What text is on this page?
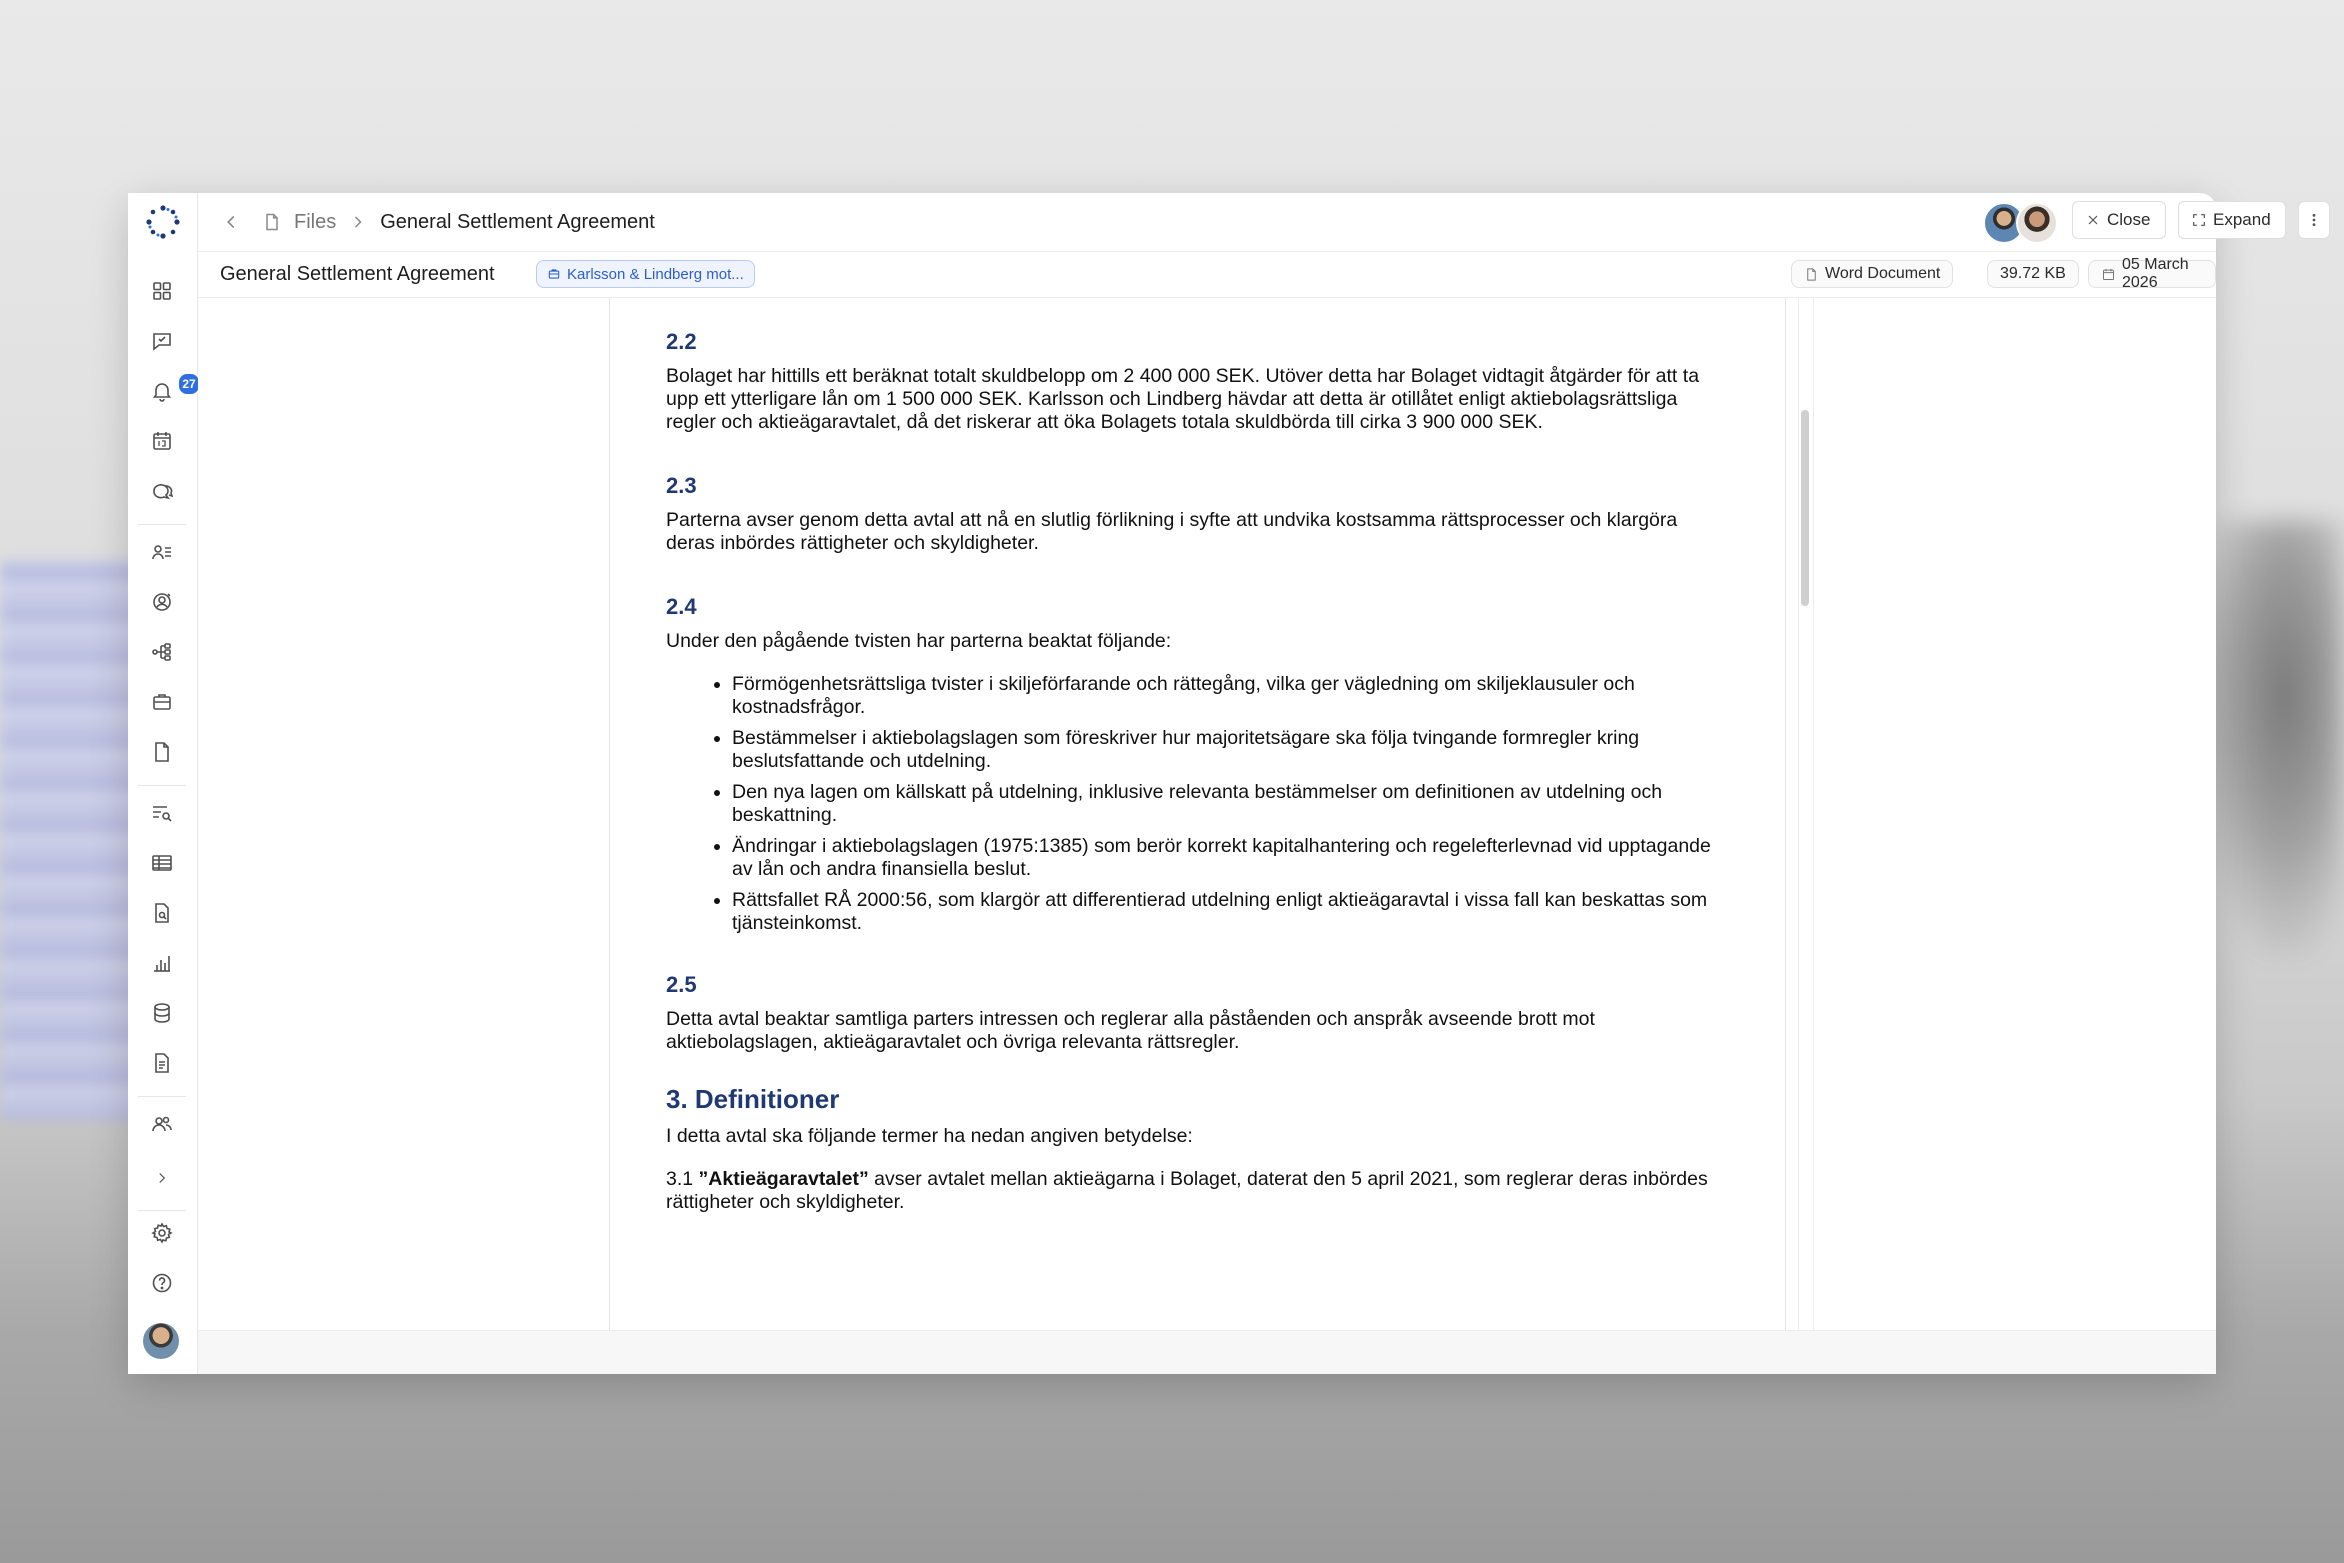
27
Files General Settlement Agreement	Close	Expand
General Settlement Agreement	Karlsson & Lindberg mot...	Word Document	39.72 KB
05 March 2026
2.2

Bolaget har hittills ett beräknat totalt skuldbelopp om 2 400 000 SEK. Utöver detta har Bolaget vidtagit åtgärder för att ta upp ett ytterligare lån om 1 500 000 SEK. Karlsson och Lindberg hävdar att detta är otillåtet enligt aktiebolagsrättsliga regler och aktieägaravtalet, då det riskerar att öka Bolagets totala skuldbörda till cirka 3 900 000 SEK.

2.3

Parterna avser genom detta avtal att nå en slutlig förlikning i syfte att undvika kostsamma rättsprocesser och klargöra deras inbördes rättigheter och skyldigheter.

2.4

Under den pågående tvisten har parterna beaktat följande:

• Förmögenhetsrättsliga tvister i skiljeförfarande och rättegång, vilka ger vägledning om skiljeklausuler och kostnadsfrågor.
• Bestämmelser i aktiebolagslagen som föreskriver hur majoritetsägare ska följa tvingande formregler kring beslutsfattande och utdelning.
• Den nya lagen om källskatt på utdelning, inklusive relevanta bestämmelser om definitionen av utdelning och beskattning.
• Ändringar i aktiebolagslagen (1975:1385) som berör korrekt kapitalhantering och regelefterlevnad vid upptagande av lån och andra finansiella beslut.
• Rättsfallet RÅ 2000:56, som klargör att differentierad utdelning enligt aktieägaravtal i vissa fall kan beskattas som tjänsteinkomst.
2.5

Detta avtal beaktar samtliga parters intressen och reglerar alla påståenden och anspråk avseende brott mot aktiebolagslagen, aktieägaravtalet och övriga relevanta rättsregler.

3. Definitioner

I detta avtal ska följande termer ha nedan angiven betydelse:

3.1 ”Aktieägaravtalet” avser avtalet mellan aktieägarna i Bolaget, daterat den 5 april 2021, som reglerar deras inbördes rättigheter och skyldigheter.
